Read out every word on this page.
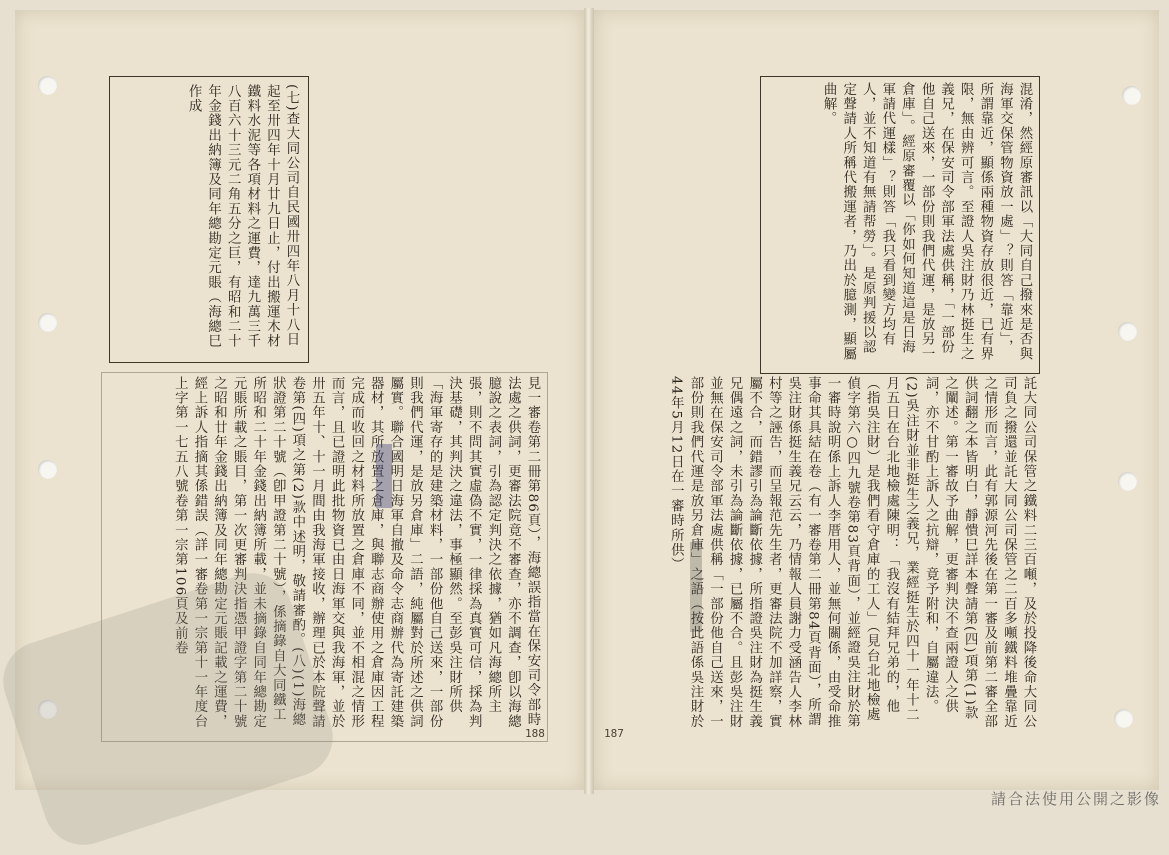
(七)查大同公司自民國卅四年八月十八日起至卅四年十月廿九日止，付出搬運木材鐵料水泥等各項材料之運費，達九萬三千八百六十三元二角五分之巨，有昭和二十年金錢出納簿及同年總勘定元賬（海總巳作成
見一審卷第二冊第86頁），海總誤指當在保安司令部時法處之供詞，更審法院竟不審查，亦不調查，卽以海總臆說之表詞，引為認定判決之依據，猶如凡海總所主張，則不問其實虛偽不實，一律採為真實可信，採為判決基礎，其判決之違法，事極顯然。至彭吳注財所供「海軍寄存的是建築材料，一部份他自己送來，一部份則我們代運，是放另倉庫」二語，純屬對於所述之供詞屬實。聯合國明日海軍自撤及命令志商辦代為寄託建築器材，其所放置之倉庫，與聯志商辦使用之倉庫因工程完成而收回之材料所放置之倉庫不同，並不相混之情形而言，且已證明此批物資已由日海軍交與我海軍，並於卅五年十、十一月間由我海軍接收，辦理已於本院聲請卷第(四)項之第(2)款中述明，敬請審酌。(八)(1)海總狀證第二十號（卽甲證第二十號），係摘錄自大同鐵工所昭和二十年金錢出納簿所載，並未摘錄自同年總勘定元賬所載之賬目，第一次更審判決指憑甲證字第二十號之昭和廿年金錢出納簿及同年總勘定元賬記載之運費，經上訴人指摘其係錯誤（詳一審卷第一宗第十一年度台上字第一七五八號卷第一宗第106頁及前卷
188
混淆，然經原審訊以「大同自己撥來是否與海軍交保管物資放一處」？則答「靠近」，所謂靠近，顯係兩種物資存放很近，已有界限，無由辨可言。至證人吳注財乃林挺生之義兄，在保安司令部軍法處供稱，「一部份他自己送來，一部份則我們代運，是放另一倉庫」。經原審覆以「你如何知道這是日海軍請代運樣」？則答「我只看到變方均有人，並不知道有無請帮勞」。是原判援以認定聲請人所稱代搬運者，乃出於臆測，顯屬曲解。
託大同公司保管之鐵料二三百噸，及於投降後命大同公司負之撥還並託大同公司保管之二百多噸鐵料堆疊靠近之情形而言，此有郭源河先後在第一審及前第二審全部供詞翻之本皆明白，靜憒巳詳本聲請第(四)項第(1)款之闡述。第一審故予曲解，更審判決不查兩證人之供詞，亦不甘酌上訴人之抗辯，竟予附和，自屬違法。(2)吳注財並非挺生之義兄，業經挺生於四十一年十二月五日在台北地檢處陳明：「我沒有結拜兄弟的，他（指吳注財）是我們看守倉庫的工人」（見台北地檢處偵字第六○四九號卷第83頁背面），並經證吳注財於第一審時說明係上訴人李厝用人，並無何關係，由受命推事命其具結在卷（有一審卷第二冊第84頁背面），所謂吳注財係挺生義兄云云，乃情報人員謝力受涵告人李林村等之誣告，而呈報范先生者，更審法院不加詳察，實屬不合，而錯謬引為論斷依據，所指證吳注財為挺生義兄偶遠之詞，未引為論斷依據，已屬不合。且彭吳注財並無在保安司令部軍法處供稱「一部份他自己送來，一部份則我們代運是放另倉庫」之語（按此語係吳注財於44年5月12日在一審時所供）
187
請合法使用公開之影像
